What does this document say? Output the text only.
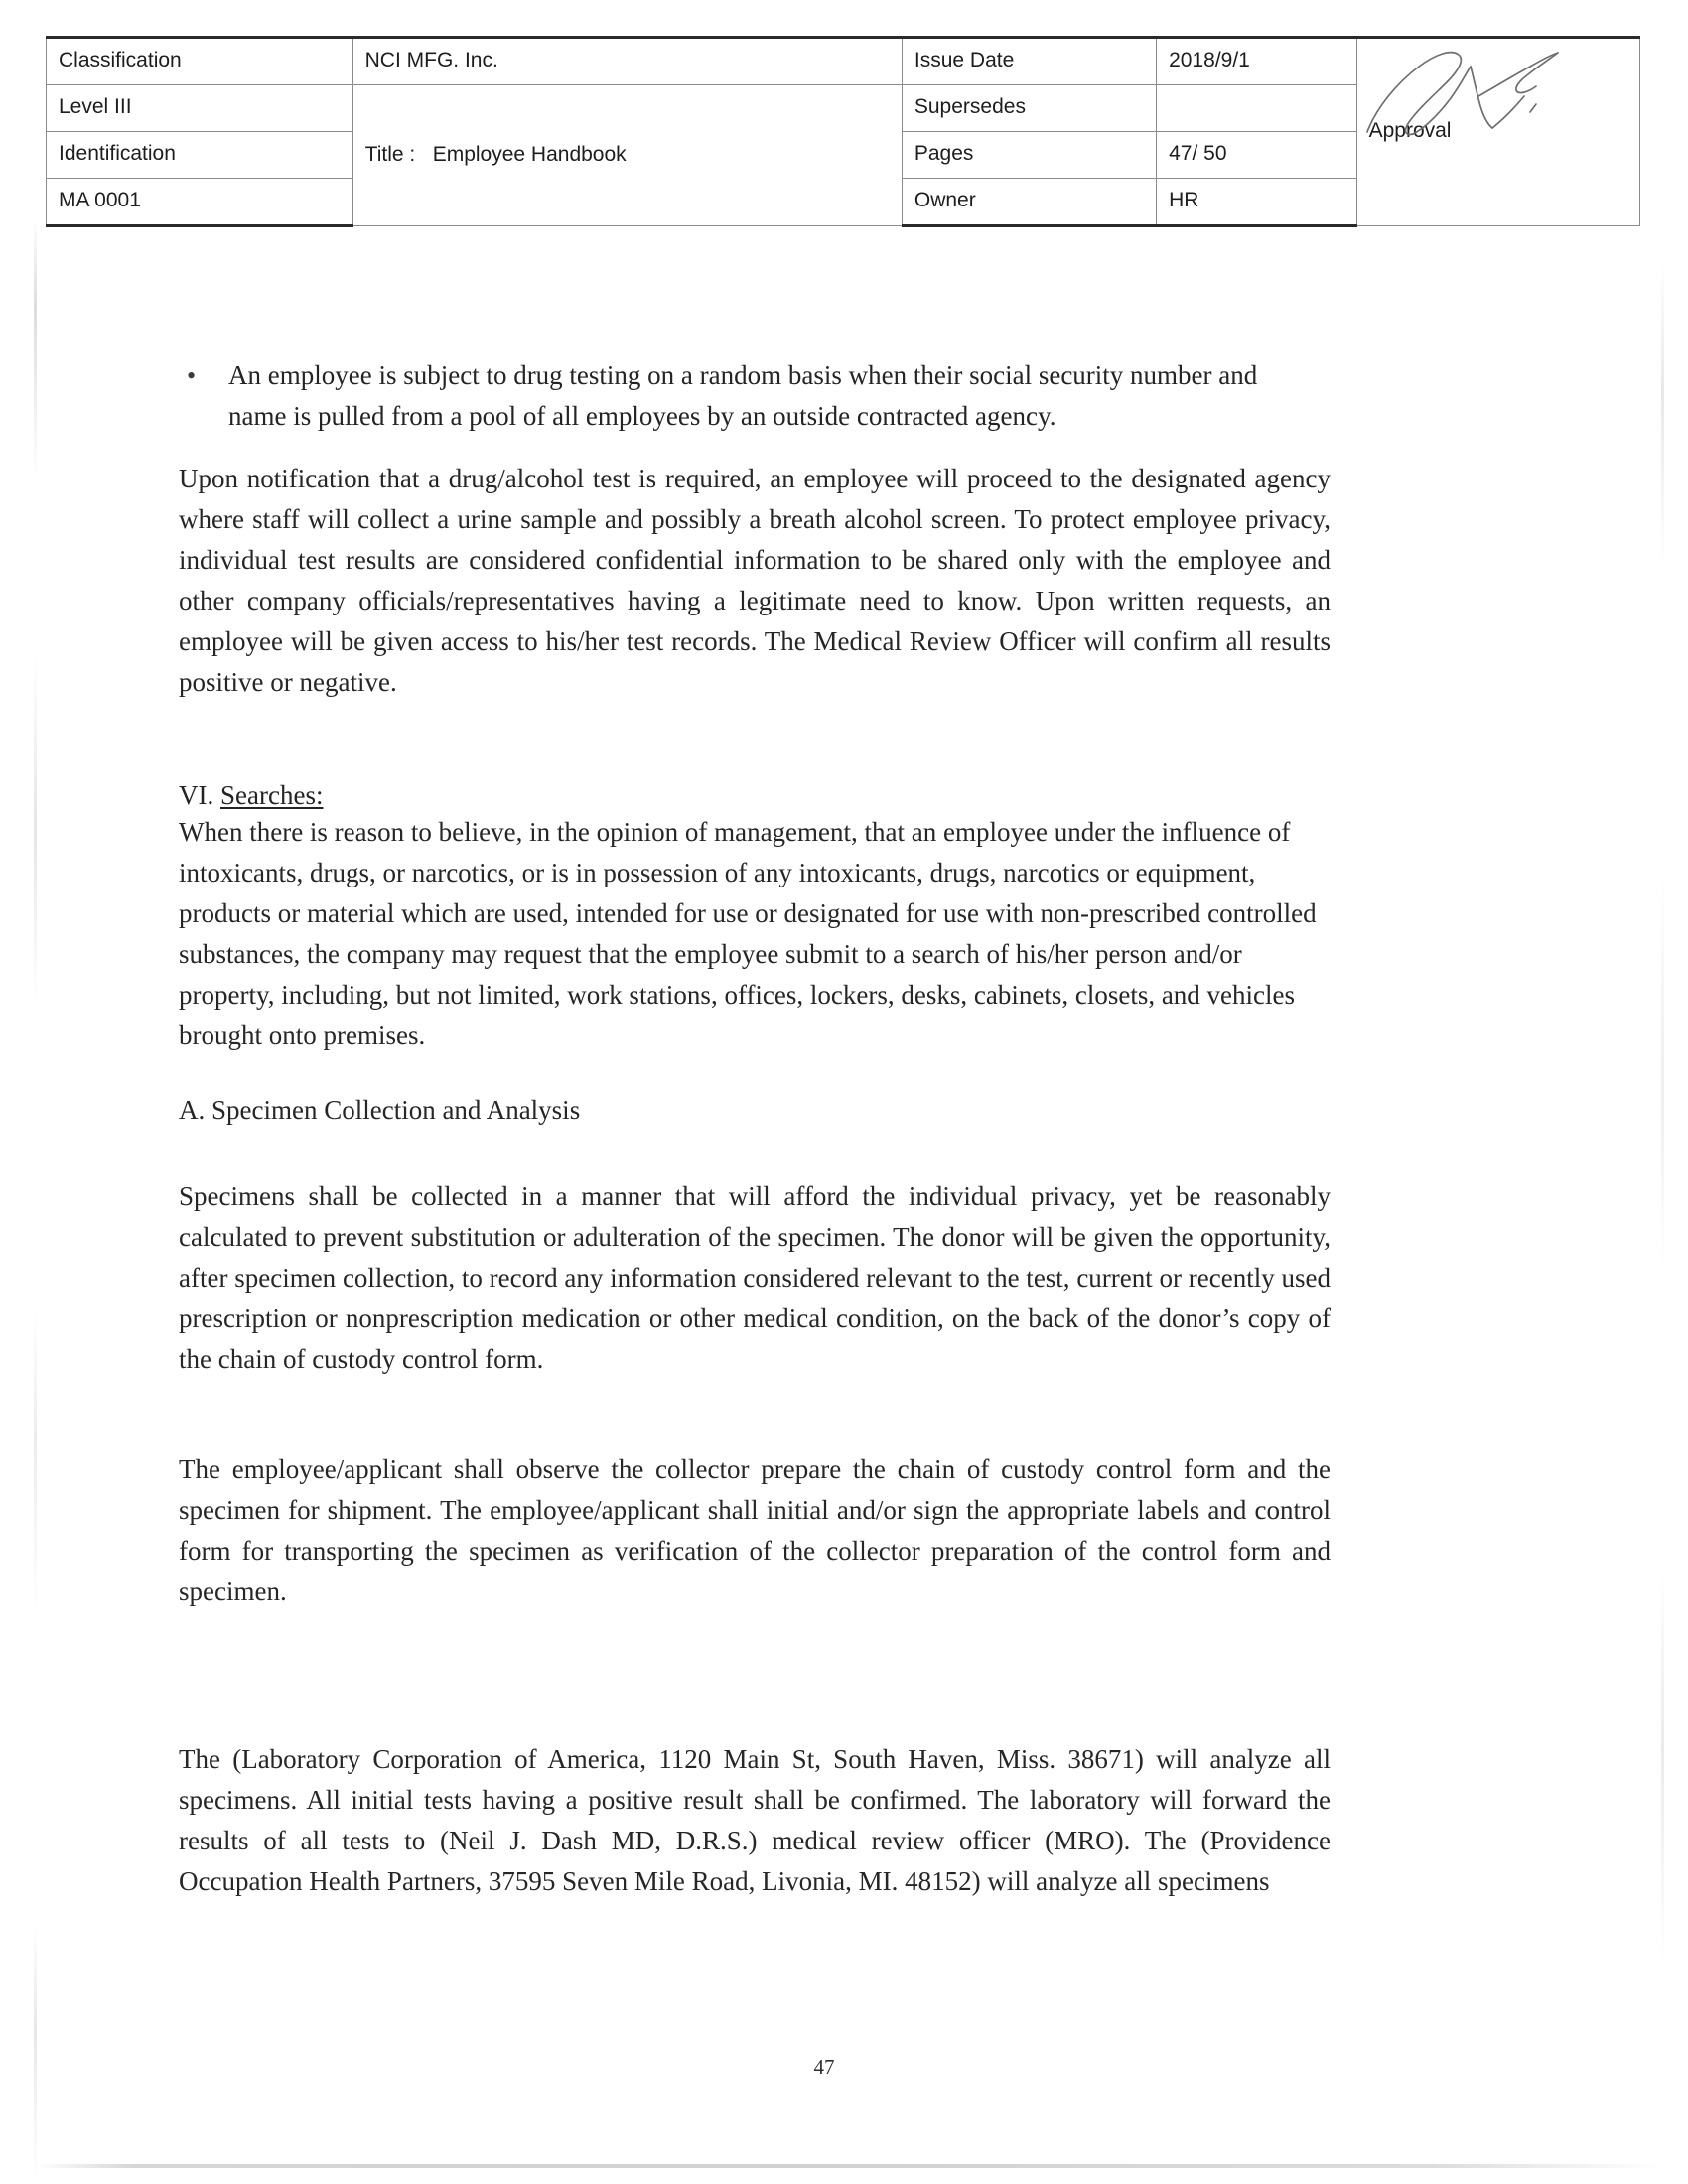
Classification	NCI MFG. Inc.	Issue Date	2018/9/1	Approval

Level III	Title :   Employee Handbook	Supersedes		
Identification		Pages	47/ 50	
MA 0001		Owner	HR	
•	An employee is subject to drug testing on a random basis when their social security number and name is pulled from a pool of all employees by an outside contracted agency.

Upon notification that a drug/alcohol test is required, an employee will proceed to the designated agency where staff will collect a urine sample and possibly a breath alcohol screen. To protect employee privacy, individual test results are considered confidential information to be shared only with the employee and other company officials/representatives having a legitimate need to know. Upon written requests, an employee will be given access to his/her test records. The Medical Review Officer will confirm all results positive or negative.

VI. Searches:

When there is reason to believe, in the opinion of management, that an employee under the influence of intoxicants, drugs, or narcotics, or is in possession of any intoxicants, drugs, narcotics or equipment, products or material which are used, intended for use or designated for use with non-prescribed controlled substances, the company may request that the employee submit to a search of his/her person and/or property, including, but not limited, work stations, offices, lockers, desks, cabinets, closets, and vehicles brought onto premises.

A. Specimen Collection and Analysis

Specimens shall be collected in a manner that will afford the individual privacy, yet be reasonably calculated to prevent substitution or adulteration of the specimen. The donor will be given the opportunity, after specimen collection, to record any information considered relevant to the test, current or recently used prescription or nonprescription medication or other medical condition, on the back of the donor’s copy of the chain of custody control form.

The employee/applicant shall observe the collector prepare the chain of custody control form and the specimen for shipment. The employee/applicant shall initial and/or sign the appropriate labels and control form for transporting the specimen as verification of the collector preparation of the control form and specimen.

The (Laboratory Corporation of America, 1120 Main St, South Haven, Miss. 38671) will analyze all specimens. All initial tests having a positive result shall be confirmed. The laboratory will forward the results of all tests to (Neil J. Dash MD, D.R.S.) medical review officer (MRO). The (Providence Occupation Health Partners, 37595 Seven Mile Road, Livonia, MI. 48152) will analyze all specimens

47
